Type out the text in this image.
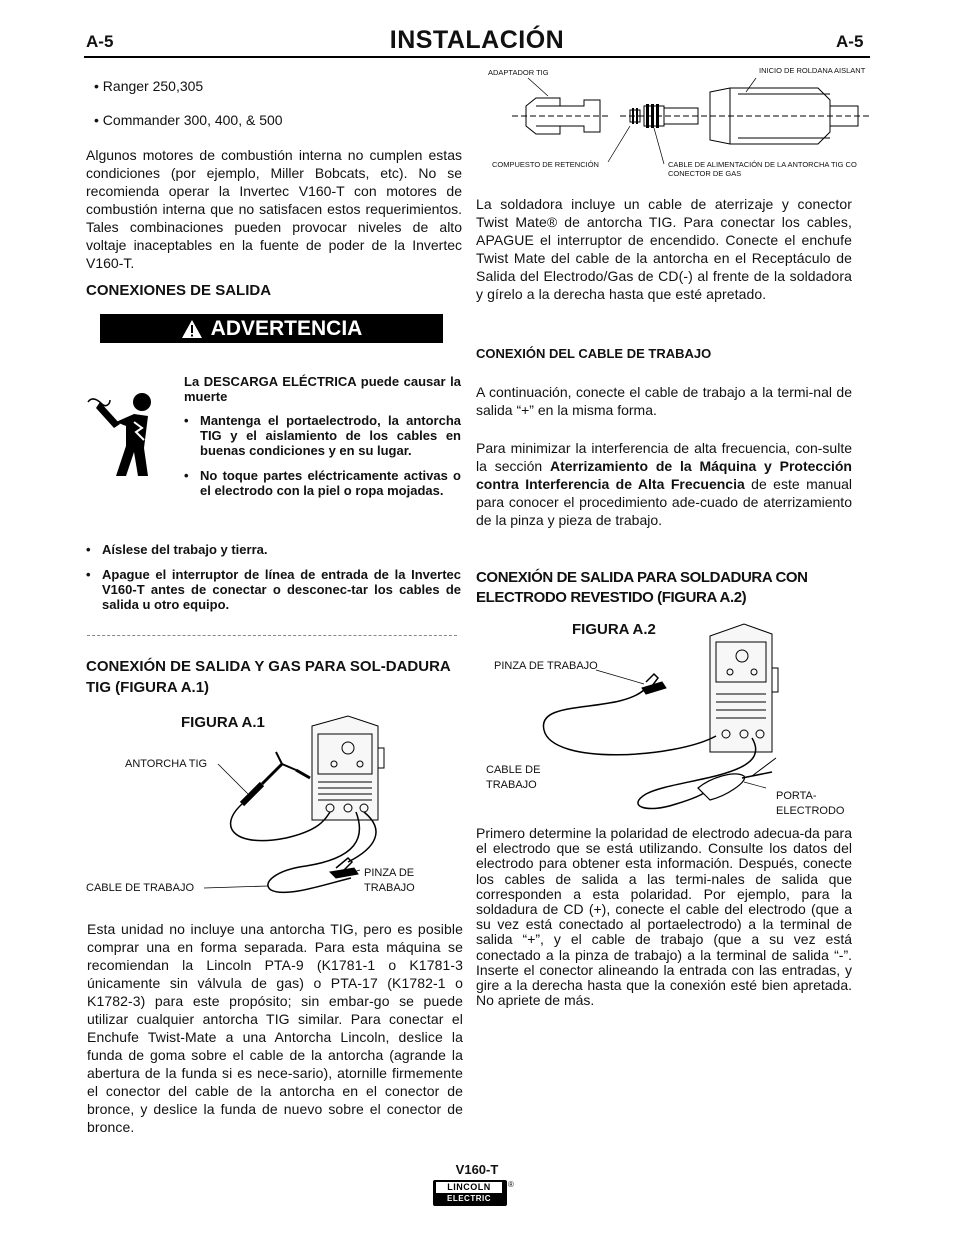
A-5	INSTALACIÓN	A-5
• Ranger 250,305
• Commander 300, 400, & 500
Algunos motores de combustión interna no cumplen estas condiciones (por ejemplo, Miller Bobcats, etc). No se recomienda operar la Invertec V160-T con motores de combustión interna que no satisfacen estos requerimientos. Tales combinaciones pueden provocar niveles de alto voltaje inaceptables en la fuente de poder de la Invertec V160-T.
CONEXIONES DE SALIDA
ADVERTENCIA
La DESCARGA ELÉCTRICA puede causar la muerte
• Mantenga el portaelectrodo, la antorcha TIG y el aislamiento de los cables en buenas condiciones y en su lugar.
• No toque partes eléctricamente activas o el electrodo con la piel o ropa mojadas.
• Aíslese del trabajo y tierra.
• Apague el interruptor de línea de entrada de la Invertec V160-T antes de conectar o desconec-tar los cables de salida u otro equipo.
CONEXIÓN DE SALIDA Y GAS PARA SOL-DADURA TIG (FIGURA A.1)
FIGURA A.1
ANTORCHA TIG
CABLE DE TRABAJO
PINZA DE
TRABAJO
Esta unidad no incluye una antorcha TIG, pero es posible comprar una en forma separada. Para esta máquina se recomiendan la Lincoln PTA-9 (K1781-1 o K1781-3 únicamente sin válvula de gas) o PTA-17 (K1782-1 o K1782-3) para este propósito; sin embar-go se puede utilizar cualquier antorcha TIG similar. Para conectar el Enchufe Twist-Mate a una Antorcha Lincoln, deslice la funda de goma sobre el cable de la antorcha (agrande la abertura de la funda si es nece-sario), atornille firmemente el conector del cable de la antorcha en el conector de bronce, y deslice la funda de nuevo sobre el conector de bronce.
ADAPTADOR TIG	INICIO DE ROLDANA AISLANT
COMPUESTO DE RETENCIÓN	CABLE DE ALIMENTACIÓN DE LA ANTORCHA TIG CO
CONECTOR DE GAS
La soldadora incluye un cable de aterrizaje y conector Twist Mate® de antorcha TIG. Para conectar los cables, APAGUE el interruptor de encendido. Conecte el enchufe Twist Mate del cable de la antorcha en el Receptáculo de Salida del Electrodo/Gas de CD(-) al frente de la soldadora y gírelo a la derecha hasta que esté apretado.
CONEXIÓN DEL CABLE DE TRABAJO
A continuación, conecte el cable de trabajo a la termi-nal de salida “+” en la misma forma.
Para minimizar la interferencia de alta frecuencia, con-sulte la sección Aterrizamiento de la Máquina y Protección contra Interferencia de Alta Frecuencia de este manual para conocer el procedimiento ade-cuado de aterrizamiento de la pinza y pieza de trabajo.
CONEXIÓN DE SALIDA PARA SOLDADURA CON ELECTRODO REVESTIDO (FIGURA A.2)
FIGURA A.2
PINZA DE TRABAJO
CABLE DE
TRABAJO
PORTA-
ELECTRODO
Primero determine la polaridad de electrodo adecua-da para el electrodo que se está utilizando. Consulte los datos del electrodo para obtener esta información. Después, conecte los cables de salida a las termi-nales de salida que corresponden a esta polaridad. Por ejemplo, para la soldadura de CD (+), conecte el cable del electrodo (que a su vez está conectado al portaelectrodo) a la terminal de salida “+”, y el cable de trabajo (que a su vez está conectado a la pinza de trabajo) a la terminal de salida “-”. Inserte el conector alineando la entrada con las entradas, y gire a la derecha hasta que la conexión esté bien apretada. No apriete de más.
V160-T
LINCOLN
ELECTRIC
®
